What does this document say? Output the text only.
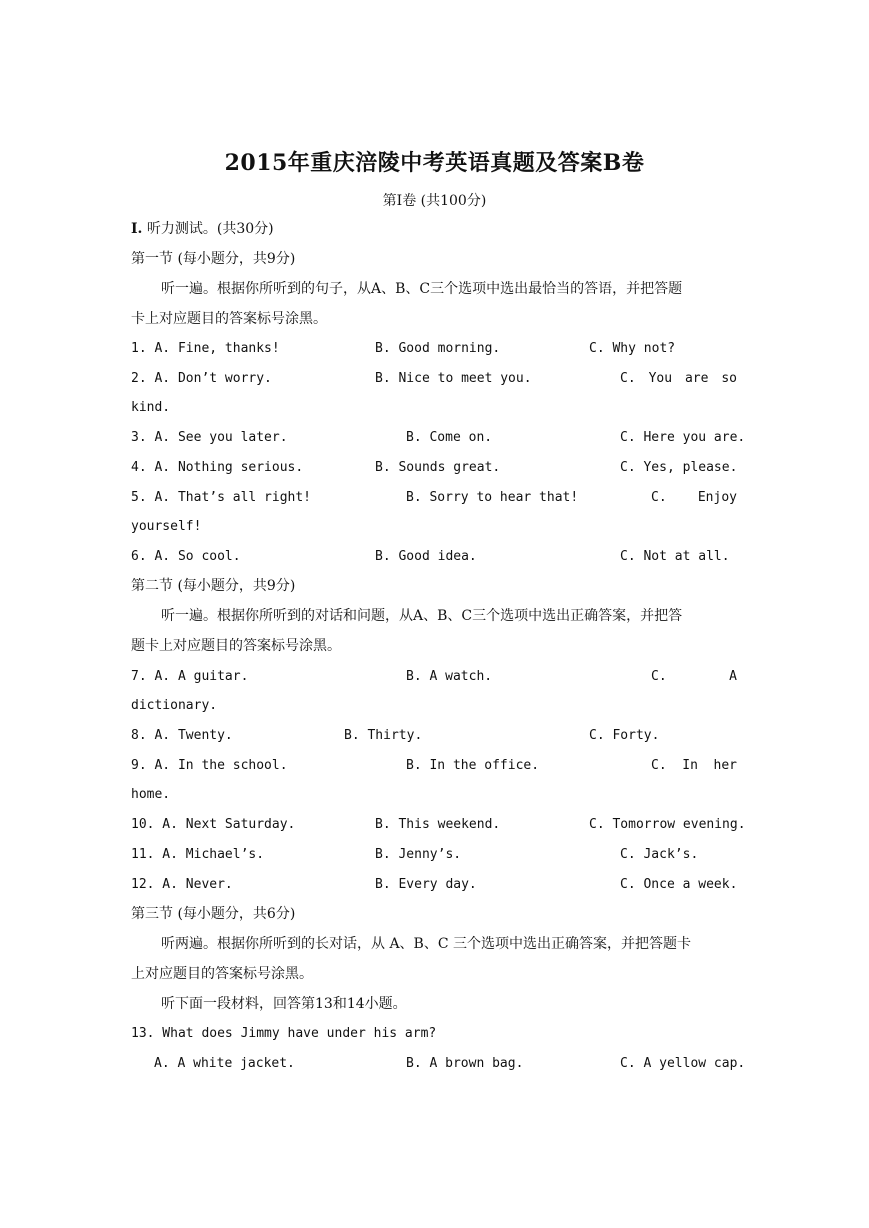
2015年重庆涪陵中考英语真题及答案B卷
第Ⅰ卷 (共100分)
I. 听力测试。(共30分)
第一节 (每小题分，共9分)
听一遍。根据你所听到的句子，从A、B、C三个选项中选出最恰当的答语，并把答题
卡上对应题目的答案标号涂黑。
1. A. Fine, thanks!	B. Good morning.	C. Why not?
2. A. Don’t worry.	B. Nice to meet you.	C. You are so
kind.
3. A. See you later.	B. Come on.	C. Here you are.
4. A. Nothing serious.	B. Sounds great.	C. Yes, please.
5. A. That’s all right!	B. Sorry to hear that!	C. Enjoy
yourself!
6. A. So cool.	B. Good idea.	C. Not at all.
第二节 (每小题分，共9分)
听一遍。根据你所听到的对话和问题，从A、B、C三个选项中选出正确答案，并把答
题卡上对应题目的答案标号涂黑。
7. A. A guitar.	B. A watch.	C.	A
dictionary.
8. A. Twenty.	B. Thirty.	C. Forty.
9. A. In the school.	B. In the office.	C. In her
home.
10. A. Next Saturday.	B. This weekend.	C. Tomorrow evening.
11. A. Michael’s.	B. Jenny’s.	C. Jack’s.
12. A. Never.	B. Every day.	C. Once a week.
第三节 (每小题分，共6分)
听两遍。根据你所听到的长对话，从 A、B、C 三个选项中选出正确答案，并把答题卡
上对应题目的答案标号涂黑。
听下面一段材料，回答第13和14小题。
13. What does Jimmy have under his arm?
A. A white jacket.	B. A brown bag.	C. A yellow cap.
